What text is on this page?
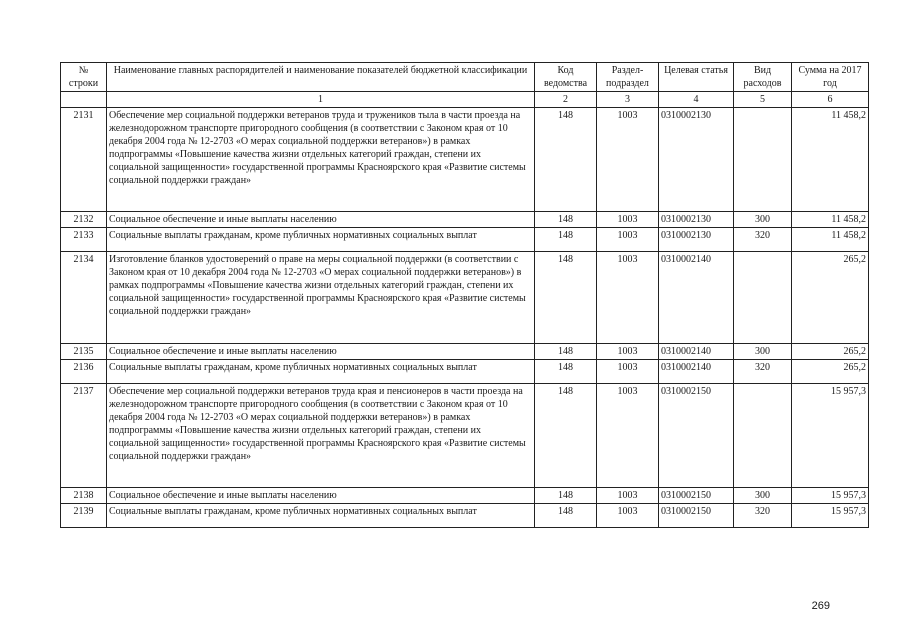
№ строки	Наименование главных распорядителей и наименование показателей бюджетной классификации	Код ведомства	Раздел-подраздел	Целевая статья	Вид расходов	Сумма на 2017 год
	1	2	3	4	5	6
2131	Обеспечение мер социальной поддержки ветеранов труда и тружеников тыла в части проезда на железнодорожном транспорте пригородного сообщения (в соответствии с Законом края от 10 декабря 2004 года № 12-2703 «О мерах социальной поддержки ветеранов») в рамках подпрограммы «Повышение качества жизни отдельных категорий граждан, степени их социальной защищенности» государственной программы Красноярского края «Развитие системы социальной поддержки граждан»	148	1003	0310002130		11 458,2
2132	Социальное обеспечение и иные выплаты населению	148	1003	0310002130	300	11 458,2
2133	Социальные выплаты гражданам, кроме публичных нормативных социальных выплат	148	1003	0310002130	320	11 458,2
2134	Изготовление бланков удостоверений о праве на меры социальной поддержки (в соответствии с Законом края от 10 декабря 2004 года № 12-2703 «О мерах социальной поддержки ветеранов») в рамках подпрограммы «Повышение качества жизни отдельных категорий граждан, степени их социальной защищенности» государственной программы Красноярского края «Развитие системы социальной поддержки граждан»	148	1003	0310002140		265,2
2135	Социальное обеспечение и иные выплаты населению	148	1003	0310002140	300	265,2
2136	Социальные выплаты гражданам, кроме публичных нормативных социальных выплат	148	1003	0310002140	320	265,2
2137	Обеспечение мер социальной поддержки ветеранов труда края и пенсионеров в части проезда на железнодорожном транспорте пригородного сообщения (в соответствии с Законом края от 10 декабря 2004 года № 12-2703 «О мерах социальной поддержки ветеранов») в рамках подпрограммы «Повышение качества жизни отдельных категорий граждан, степени их социальной защищенности» государственной программы Красноярского края «Развитие системы социальной поддержки граждан»	148	1003	0310002150		15 957,3
2138	Социальное обеспечение и иные выплаты населению	148	1003	0310002150	300	15 957,3
2139	Социальные выплаты гражданам, кроме публичных нормативных социальных выплат	148	1003	0310002150	320	15 957,3
269
